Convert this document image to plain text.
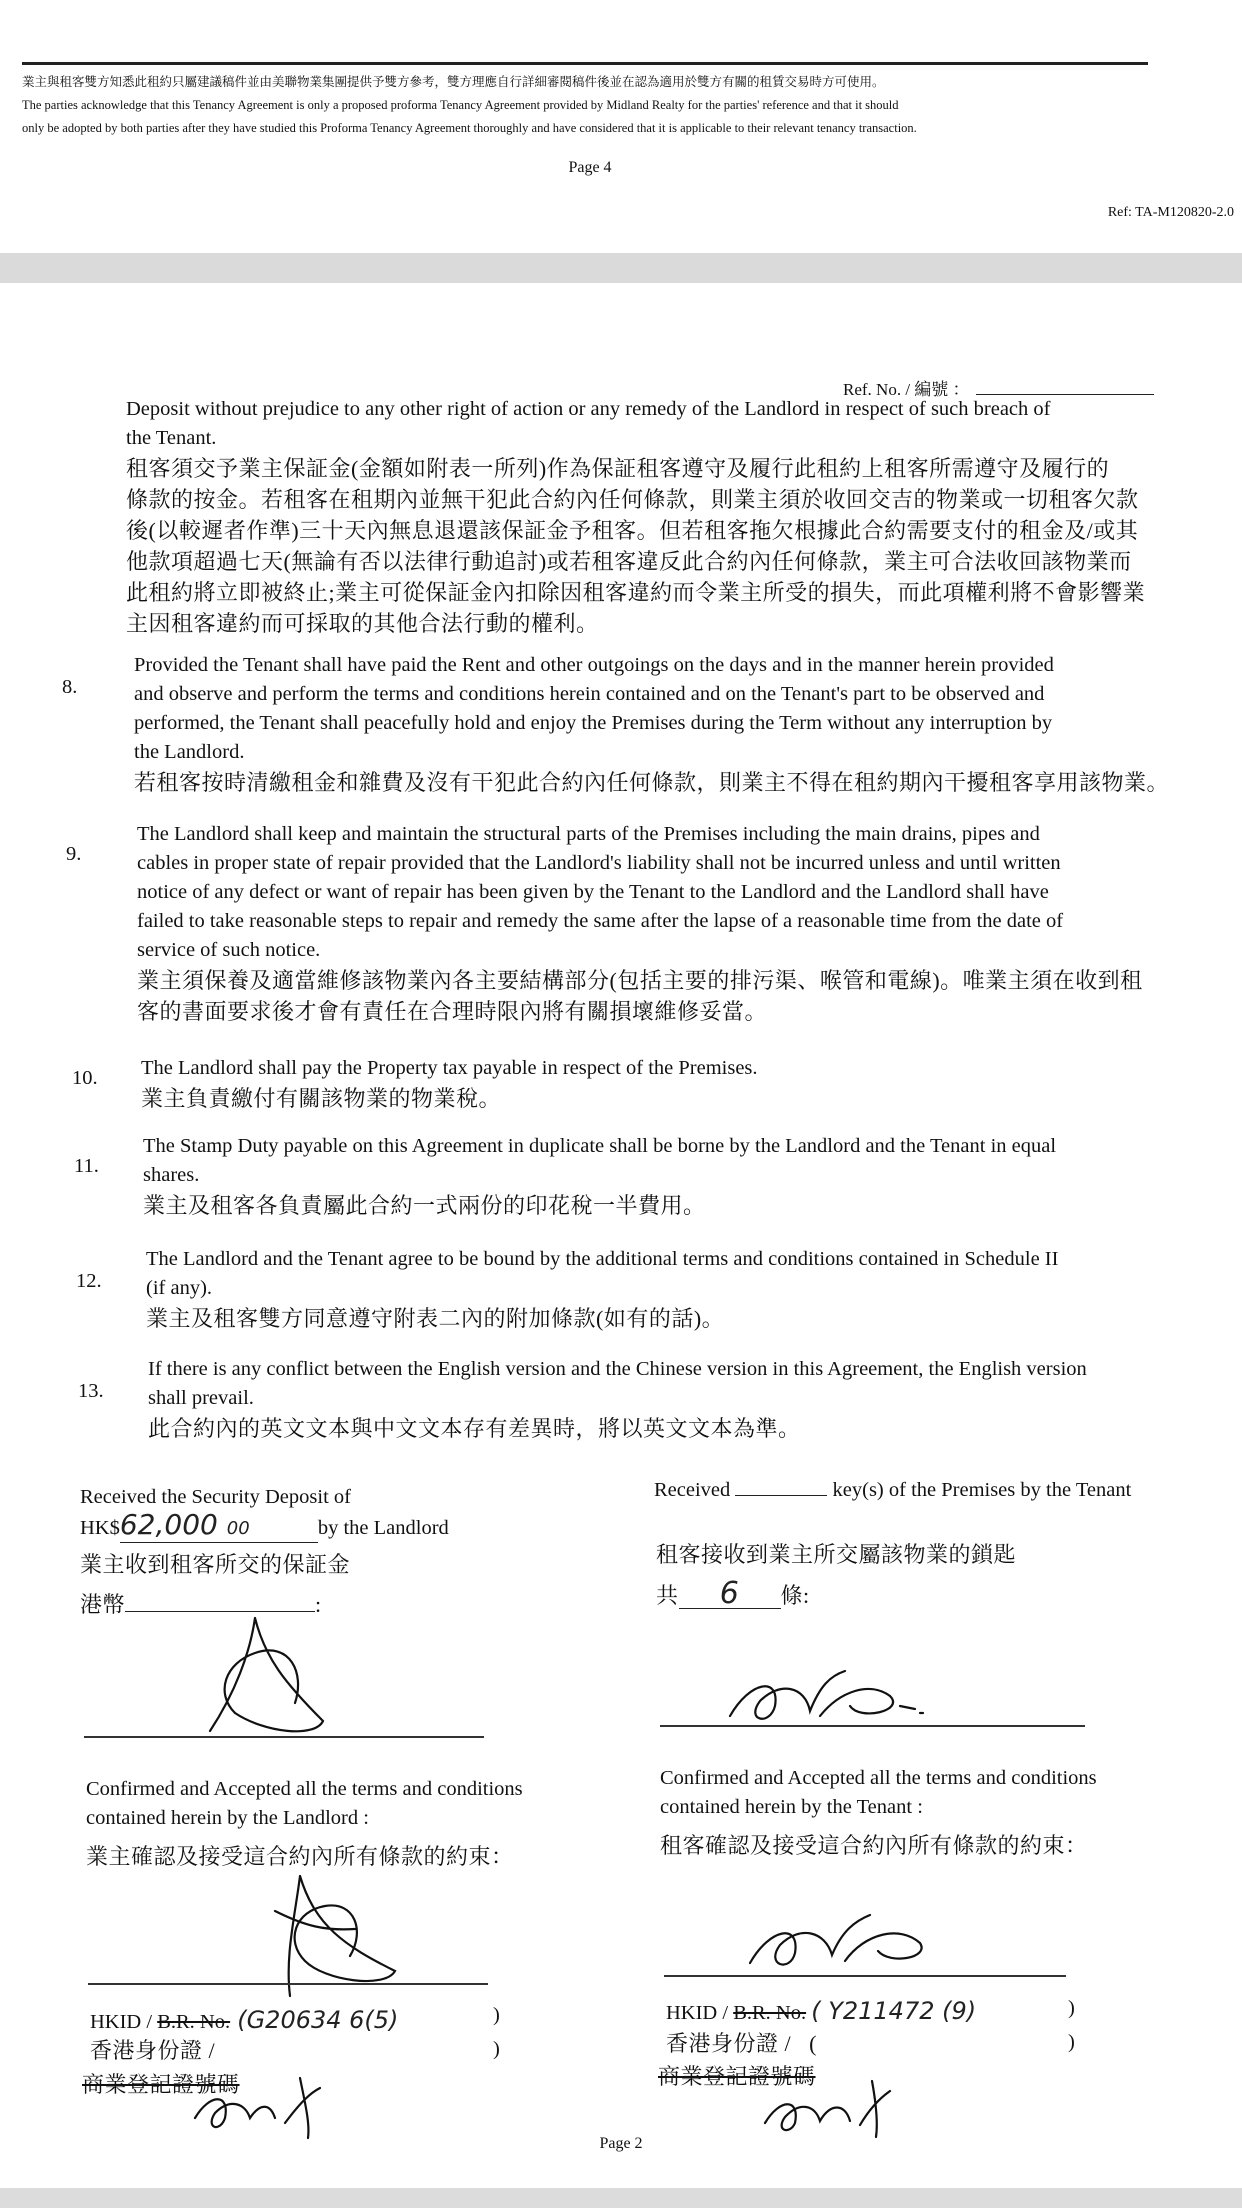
業主與租客雙方知悉此租約只屬建議稿件並由美聯物業集團提供予雙方參考，雙方理應自行詳細審閱稿件後並在認為適用於雙方有關的租賃交易時方可使用。
The parties acknowledge that this Tenancy Agreement is only a proposed proforma Tenancy Agreement provided by Midland Realty for the parties' reference and that it should
only be adopted by both parties after they have studied this Proforma Tenancy Agreement thoroughly and have considered that it is applicable to their relevant tenancy transaction.
Page 4
Ref: TA-M120820-2.0
Ref. No. / 編號 ：
Deposit without prejudice to any other right of action or any remedy of the Landlord in respect of such breach of
the Tenant.
租客須交予業主保証金(金額如附表一所列)作為保証租客遵守及履行此租約上租客所需遵守及履行的
條款的按金。若租客在租期內並無干犯此合約內任何條款，則業主須於收回交吉的物業或一切租客欠款
後(以較遲者作準)三十天內無息退還該保証金予租客。但若租客拖欠根據此合約需要支付的租金及/或其
他款項超過七天(無論有否以法律行動追討)或若租客違反此合約內任何條款，業主可合法收回該物業而
此租約將立即被終止;業主可從保証金內扣除因租客違約而令業主所受的損失，而此項權利將不會影響業
主因租客違約而可採取的其他合法行動的權利。
8.
Provided the Tenant shall have paid the Rent and other outgoings on the days and in the manner herein provided
and observe and perform the terms and conditions herein contained and on the Tenant's part to be observed and
performed, the Tenant shall peacefully hold and enjoy the Premises during the Term without any interruption by
the Landlord.
若租客按時清繳租金和雜費及沒有干犯此合約內任何條款，則業主不得在租約期內干擾租客享用該物業。
9.
The Landlord shall keep and maintain the structural parts of the Premises including the main drains, pipes and
cables in proper state of repair provided that the Landlord's liability shall not be incurred unless and until written
notice of any defect or want of repair has been given by the Tenant to the Landlord and the Landlord shall have
failed to take reasonable steps to repair and remedy the same after the lapse of a reasonable time from the date of
service of such notice.
業主須保養及適當維修該物業內各主要結構部分(包括主要的排污渠、喉管和電線)。唯業主須在收到租
客的書面要求後才會有責任在合理時限內將有關損壞維修妥當。
10. The Landlord shall pay the Property tax payable in respect of the Premises.
業主負責繳付有關該物業的物業稅。
11.
The Stamp Duty payable on this Agreement in duplicate shall be borne by the Landlord and the Tenant in equal
shares.
業主及租客各負責屬此合約一式兩份的印花稅一半費用。
12.
The Landlord and the Tenant agree to be bound by the additional terms and conditions contained in Schedule II
(if any).
業主及租客雙方同意遵守附表二內的附加條款(如有的話)。
13.
If there is any conflict between the English version and the Chinese version in this Agreement, the English version
shall prevail.
此合約內的英文文本與中文文本存有差異時，將以英文文本為準。
Received the Security Deposit of
HK$62,000 00	by the Landlord
業主收到租客所交的保証金
港幣	:
Confirmed and Accepted all the terms and conditions
contained herein by the Landlord :
業主確認及接受這合約內所有條款的約束：
HKID / B.R. No. (G20634 6(5)	)
香港身份證 /	)
商業登記證號碼
Received	key(s) of the Premises by the Tenant
租客接收到業主所交屬該物業的鎖匙
共 6 條:
Confirmed and Accepted all the terms and conditions
contained herein by the Tenant :
租客確認及接受這合約內所有條款的約束：
HKID / B.R. No. ( Y211472 (9)	)
香港身份證 / (	)
商業登記證號碼
Page 2
